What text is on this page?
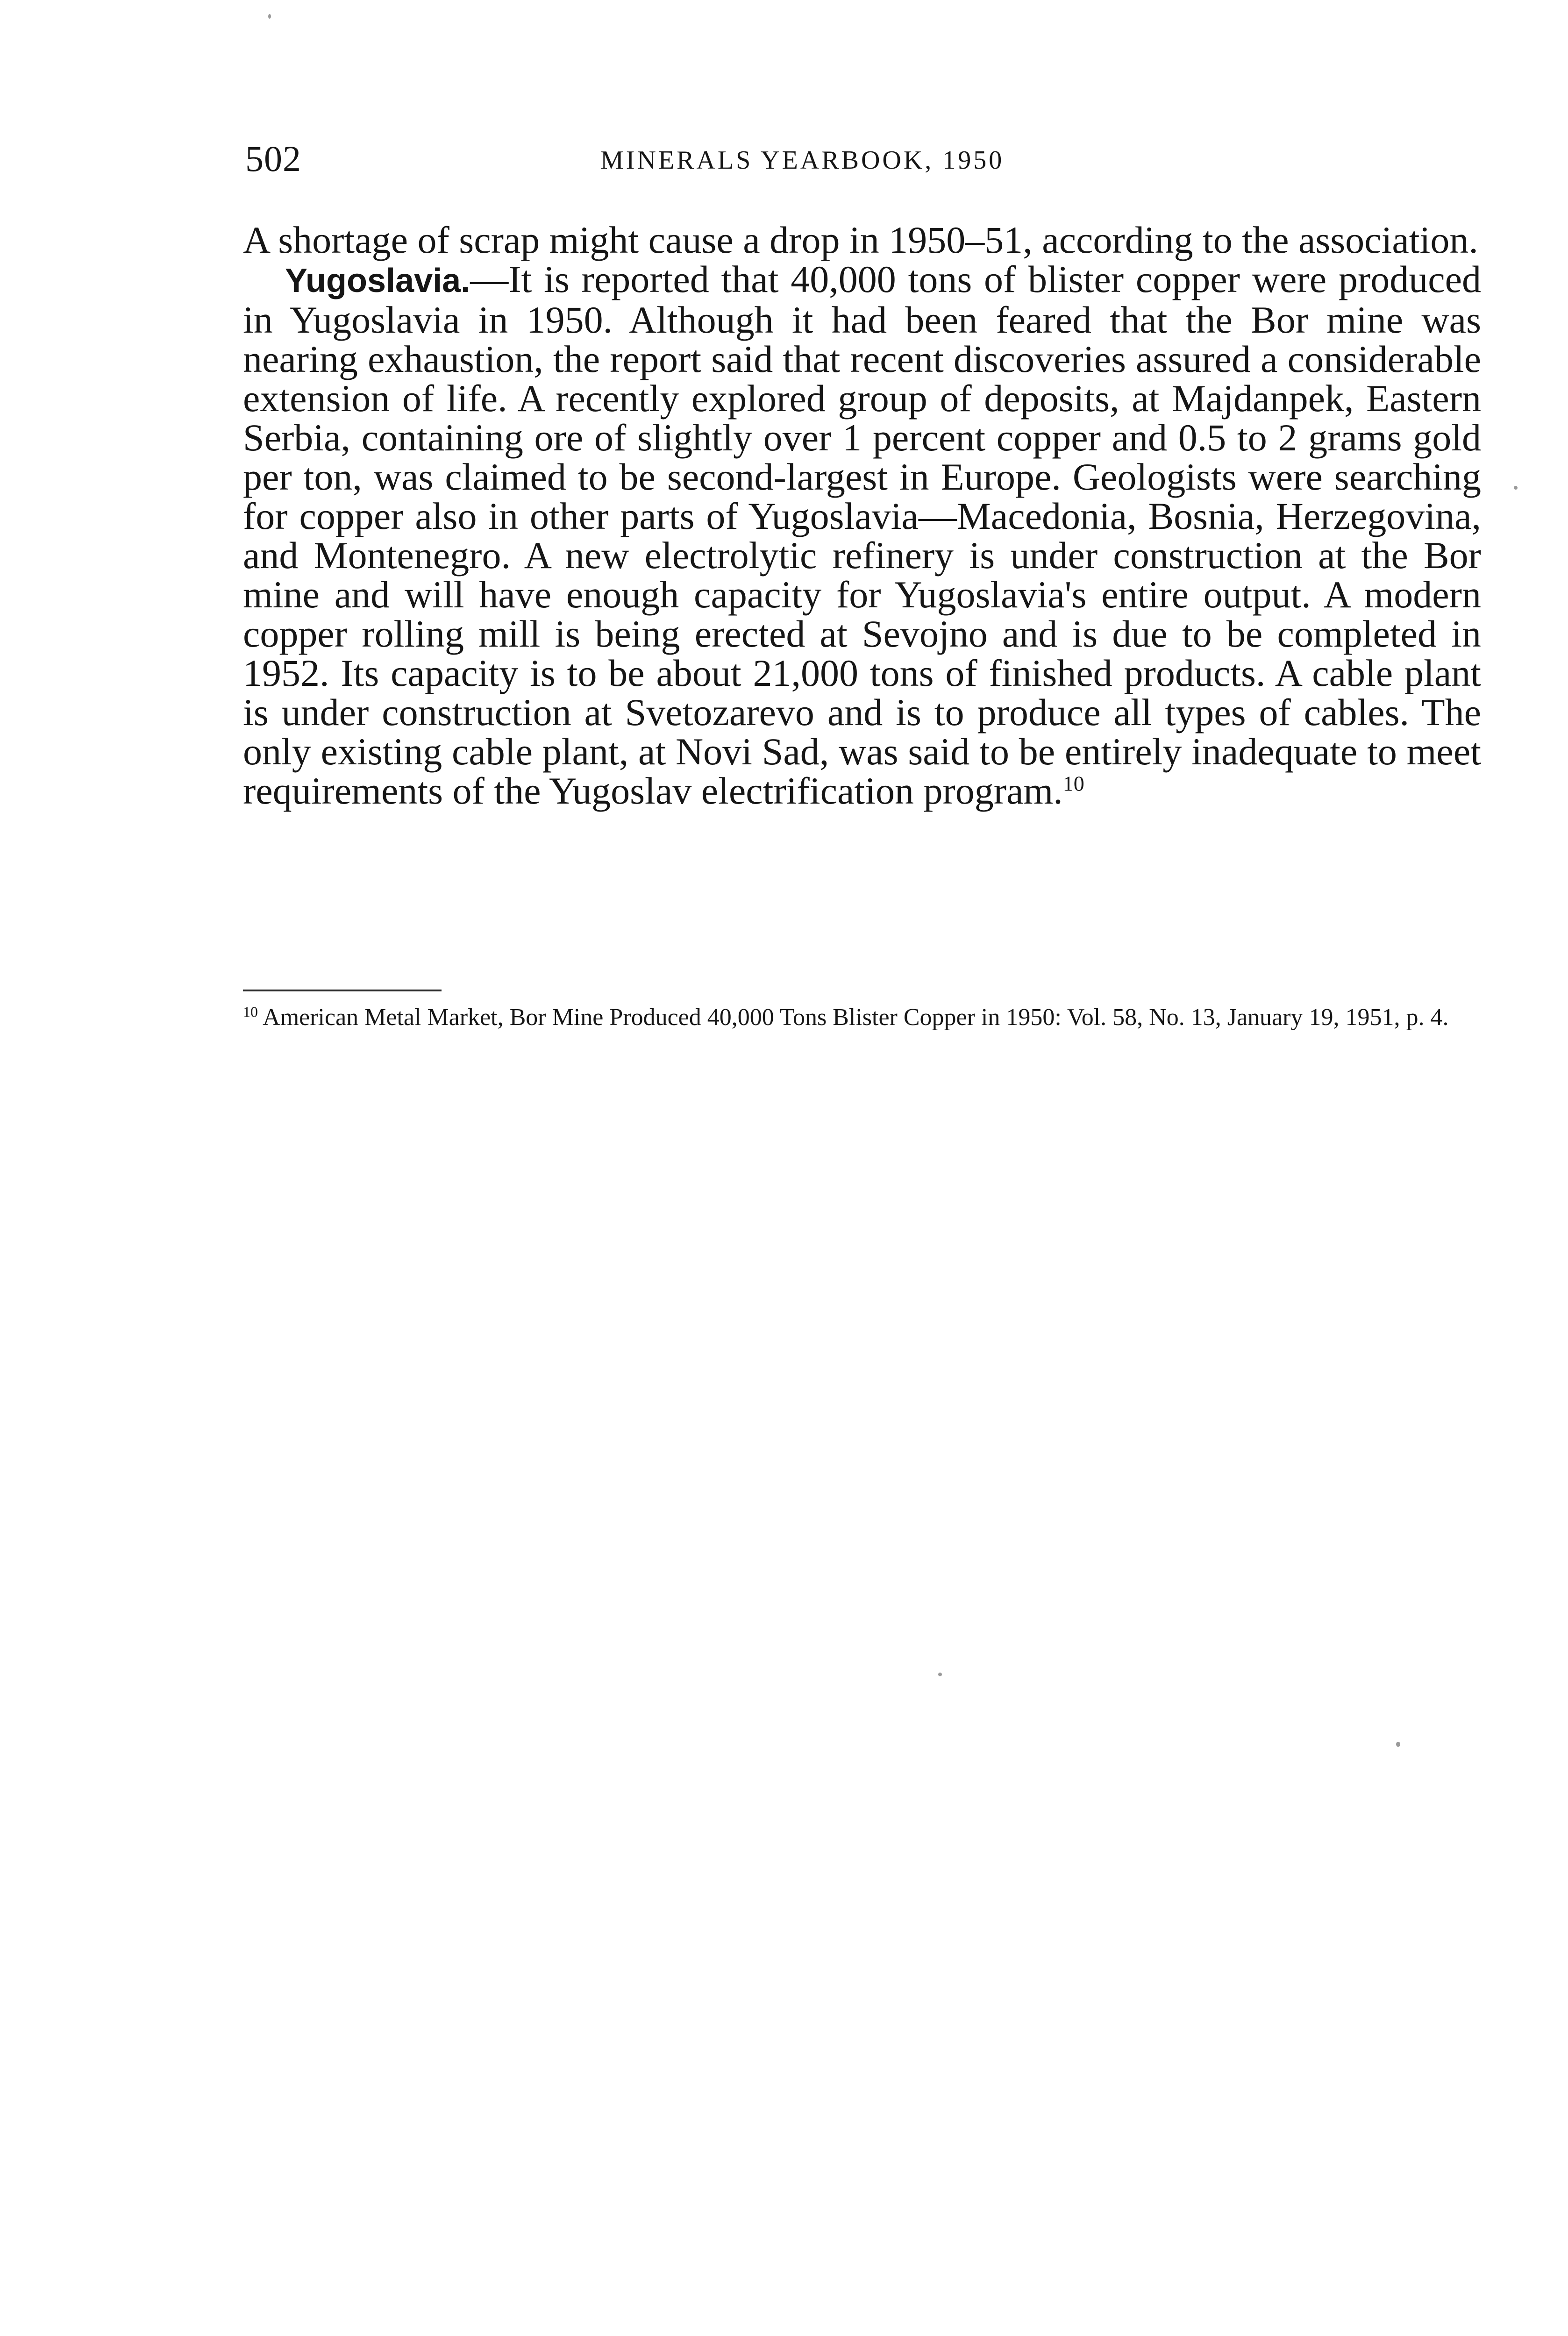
502	MINERALS YEARBOOK, 1950

A shortage of scrap might cause a drop in 1950–51, according to the association.

Yugoslavia.—It is reported that 40,000 tons of blister copper were produced in Yugoslavia in 1950. Although it had been feared that the Bor mine was nearing exhaustion, the report said that recent discoveries assured a considerable extension of life. A recently explored group of deposits, at Majdanpek, Eastern Serbia, containing ore of slightly over 1 percent copper and 0.5 to 2 grams gold per ton, was claimed to be second-largest in Europe. Geologists were searching for copper also in other parts of Yugoslavia—Macedonia, Bosnia, Herzegovina, and Montenegro. A new electrolytic refinery is under construction at the Bor mine and will have enough capacity for Yugoslavia's entire output. A modern copper rolling mill is being erected at Sevojno and is due to be completed in 1952. Its capacity is to be about 21,000 tons of finished products. A cable plant is under construction at Svetozarevo and is to produce all types of cables. The only existing cable plant, at Novi Sad, was said to be entirely inadequate to meet requirements of the Yugoslav electrification program.$^{10}$

$^{10}$ American Metal Market, Bor Mine Produced 40,000 Tons Blister Copper in 1950: Vol. 58, No. 13, January 19, 1951, p. 4.
